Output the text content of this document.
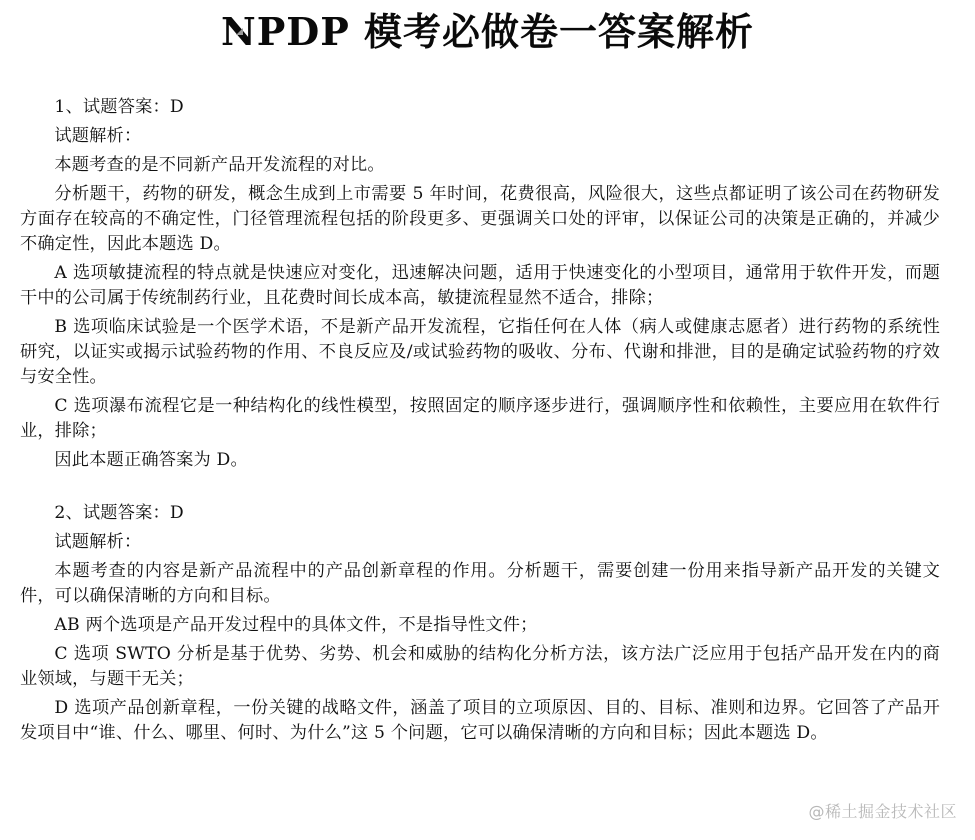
NPDP 模考必做卷一答案解析

1、试题答案：D

试题解析：

本题考查的是不同新产品开发流程的对比。

分析题干，药物的研发，概念生成到上市需要 5 年时间，花费很高，风险很大，这些点都证明了该公司在药物研发方面存在较高的不确定性，门径管理流程包括的阶段更多、更强调关口处的评审，以保证公司的决策是正确的，并减少不确定性，因此本题选 D。

A 选项敏捷流程的特点就是快速应对变化，迅速解决问题，适用于快速变化的小型项目，通常用于软件开发，而题干中的公司属于传统制药行业，且花费时间长成本高，敏捷流程显然不适合，排除；

B 选项临床试验是一个医学术语，不是新产品开发流程，它指任何在人体（病人或健康志愿者）进行药物的系统性研究，以证实或揭示试验药物的作用、不良反应及/或试验药物的吸收、分布、代谢和排泄，目的是确定试验药物的疗效与安全性。

C 选项瀑布流程它是一种结构化的线性模型，按照固定的顺序逐步进行，强调顺序性和依赖性，主要应用在软件行业，排除；

因此本题正确答案为 D。

2、试题答案：D

试题解析：

本题考查的内容是新产品流程中的产品创新章程的作用。分析题干，需要创建一份用来指导新产品开发的关键文件，可以确保清晰的方向和目标。

AB 两个选项是产品开发过程中的具体文件，不是指导性文件；

C 选项 SWTO 分析是基于优势、劣势、机会和威胁的结构化分析方法，该方法广泛应用于包括产品开发在内的商业领域，与题干无关；

D 选项产品创新章程，一份关键的战略文件，涵盖了项目的立项原因、目的、目标、准则和边界。它回答了产品开发项目中“谁、什么、哪里、何时、为什么”这 5 个问题，它可以确保清晰的方向和目标；因此本题选 D。

@稀土掘金技术社区
